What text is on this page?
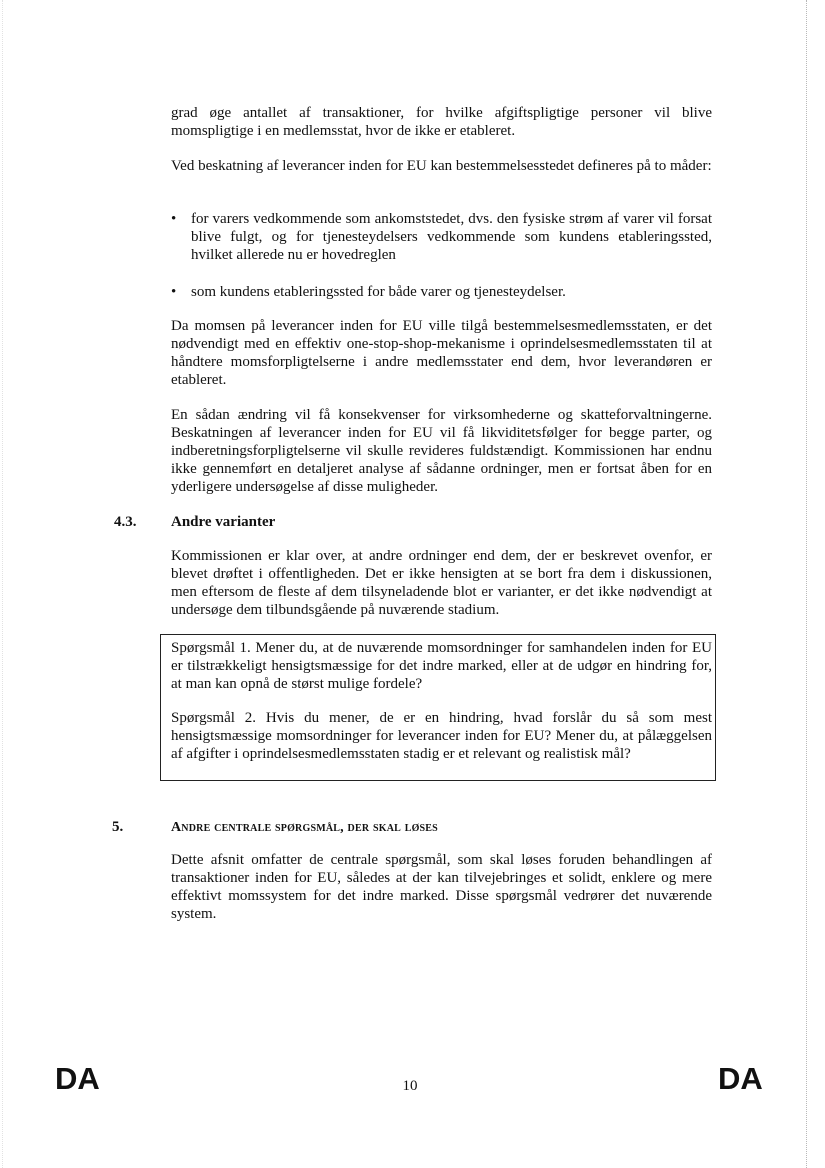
grad øge antallet af transaktioner, for hvilke afgiftspligtige personer vil blive momspligtige i en medlemsstat, hvor de ikke er etableret.

Ved beskatning af leverancer inden for EU kan bestemmelsesstedet defineres på to måder:

• for varers vedkommende som ankomststedet, dvs. den fysiske strøm af varer vil forsat blive fulgt, og for tjenesteydelsers vedkommende som kundens etableringssted, hvilket allerede nu er hovedreglen
• som kundens etableringssted for både varer og tjenesteydelser.

Da momsen på leverancer inden for EU ville tilgå bestemmelsesmedlemsstaten, er det nødvendigt med en effektiv one-stop-shop-mekanisme i oprindelsesmedlemsstaten til at håndtere momsforpligtelserne i andre medlemsstater end dem, hvor leverandøren er etableret.

En sådan ændring vil få konsekvenser for virksomhederne og skatteforvaltningerne. Beskatningen af leverancer inden for EU vil få likviditetsfølger for begge parter, og indberetningsforpligtelserne vil skulle revideres fuldstændigt. Kommissionen har endnu ikke gennemført en detaljeret analyse af sådanne ordninger, men er fortsat åben for en yderligere undersøgelse af disse muligheder.

4.3. Andre varianter

Kommissionen er klar over, at andre ordninger end dem, der er beskrevet ovenfor, er blevet drøftet i offentligheden. Det er ikke hensigten at se bort fra dem i diskussionen, men eftersom de fleste af dem tilsyneladende blot er varianter, er det ikke nødvendigt at undersøge dem tilbundsgående på nuværende stadium.

Spørgsmål 1. Mener du, at de nuværende momsordninger for samhandelen inden for EU er tilstrækkeligt hensigtsmæssige for det indre marked, eller at de udgør en hindring for, at man kan opnå de størst mulige fordele?

Spørgsmål 2. Hvis du mener, de er en hindring, hvad forslår du så som mest hensigtsmæssige momsordninger for leverancer inden for EU? Mener du, at pålæggelsen af afgifter i oprindelsesmedlemsstaten stadig er et relevant og realistisk mål?

5.	Andre centrale spørgsmål, der skal løses

Dette afsnit omfatter de centrale spørgsmål, som skal løses foruden behandlingen af transaktioner inden for EU, således at der kan tilvejebringes et solidt, enklere og mere effektivt momssystem for det indre marked. Disse spørgsmål vedrører det nuværende system.

DA	10	DA
